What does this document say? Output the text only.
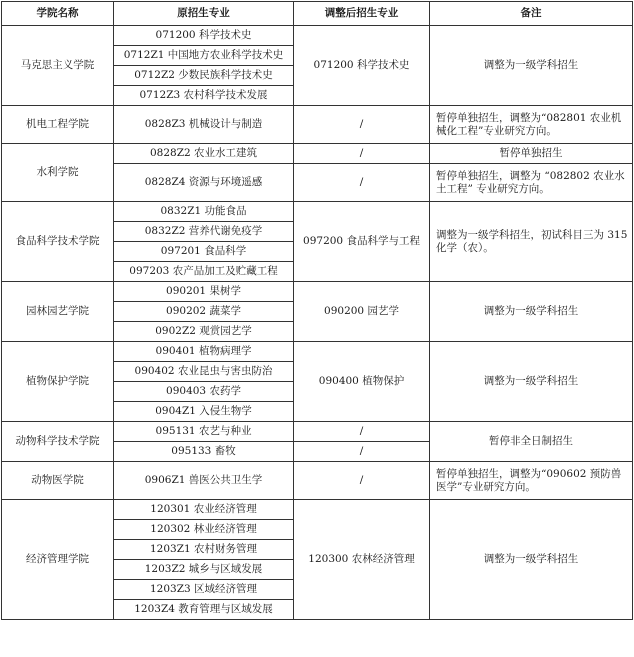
学院名称	原招生专业	调整后招生专业	备注
马克思主义学院	071200 科学技术史	071200 科学技术史	调整为一级学科招生
	0712Z1 中国地方农业科学技术史		
	0712Z2 少数民族科学技术史		
	0712Z3 农村科学技术发展		
机电工程学院	0828Z3 机械设计与制造	/	暂停单独招生，调整为“082801 农业机械化工程”专业研究方向。
水利学院	0828Z2 农业水工建筑	/	暂停单独招生
	0828Z4 资源与环境遥感	/	暂停单独招生，调整为 “082802 农业水土工程” 专业研究方向。
食品科学技术学院	0832Z1 功能食品	097200 食品科学与工程	调整为一级学科招生，初试科目三为 315 化学（农）。
	0832Z2 营养代谢免疫学		
	097201 食品科学		
	097203 农产品加工及贮藏工程		
园林园艺学院	090201 果树学	090200 园艺学	调整为一级学科招生
	090202 蔬菜学		
	0902Z2 观赏园艺学		
植物保护学院	090401 植物病理学	090400 植物保护	调整为一级学科招生
	090402 农业昆虫与害虫防治		
	090403 农药学		
	0904Z1 入侵生物学		
动物科学技术学院	095131 农艺与种业	/	暂停非全日制招生
	095133 畜牧	/	
动物医学院	0906Z1 兽医公共卫生学	/	暂停单独招生，调整为“090602 预防兽医学”专业研究方向。
经济管理学院	120301 农业经济管理	120300 农林经济管理	调整为一级学科招生
	120302 林业经济管理		
	1203Z1 农村财务管理		
	1203Z2 城乡与区域发展		
	1203Z3 区域经济管理		
	1203Z4 教育管理与区域发展		
